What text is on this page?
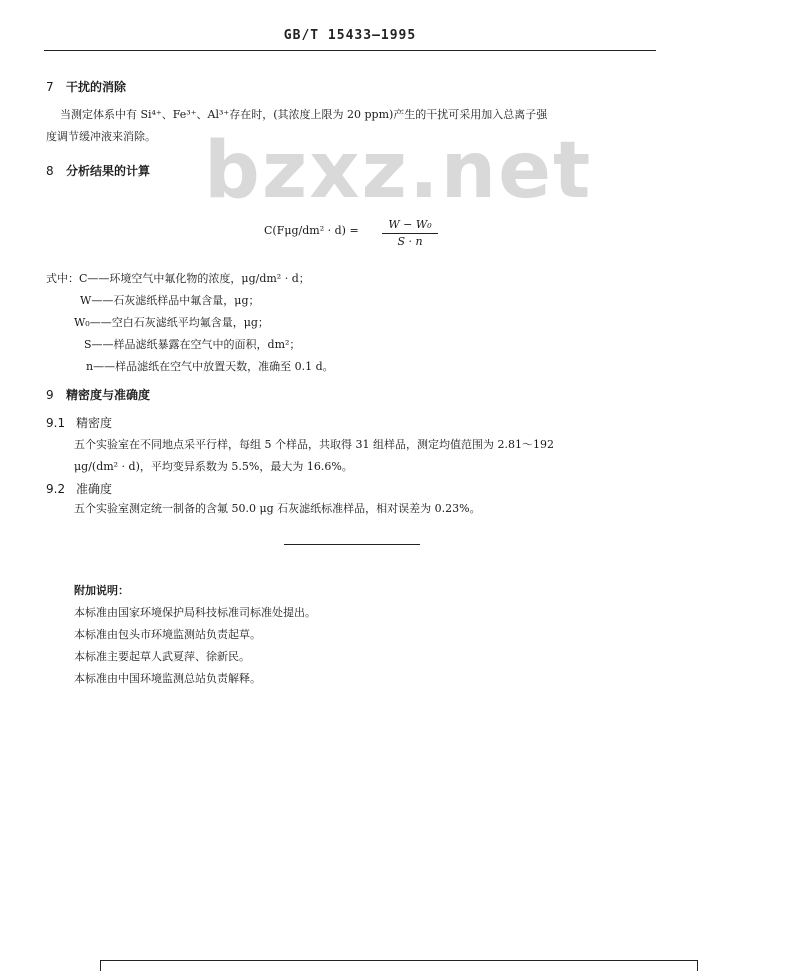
GB/T 15433—1995
bzxz.net
7 干扰的消除
当测定体系中有 Si⁴⁺、Fe³⁺、Al³⁺存在时，(其浓度上限为 20 ppm)产生的干扰可采用加入总离子强
度调节缓冲液来消除。
8 分析结果的计算
C(Fμg/dm² · d) =	W − W₀
S · n
式中：C——环境空气中氟化物的浓度，μg/dm² · d；
W——石灰滤纸样品中氟含量，μg；
W₀——空白石灰滤纸平均氟含量，μg；
S——样品滤纸暴露在空气中的面积，dm²；
n——样品滤纸在空气中放置天数，准确至 0.1 d。
9 精密度与准确度
9.1 精密度
五个实验室在不同地点采平行样，每组 5 个样品，共取得 31 组样品，测定均值范围为 2.81～192
μg/(dm² · d)，平均变异系数为 5.5%，最大为 16.6%。
9.2 准确度
五个实验室测定统一制备的含氟 50.0 μg 石灰滤纸标准样品，相对误差为 0.23%。
附加说明：
本标准由国家环境保护局科技标准司标准处提出。
本标准由包头市环境监测站负责起草。
本标准主要起草人武夏萍、徐新民。
本标准由中国环境监测总站负责解释。
